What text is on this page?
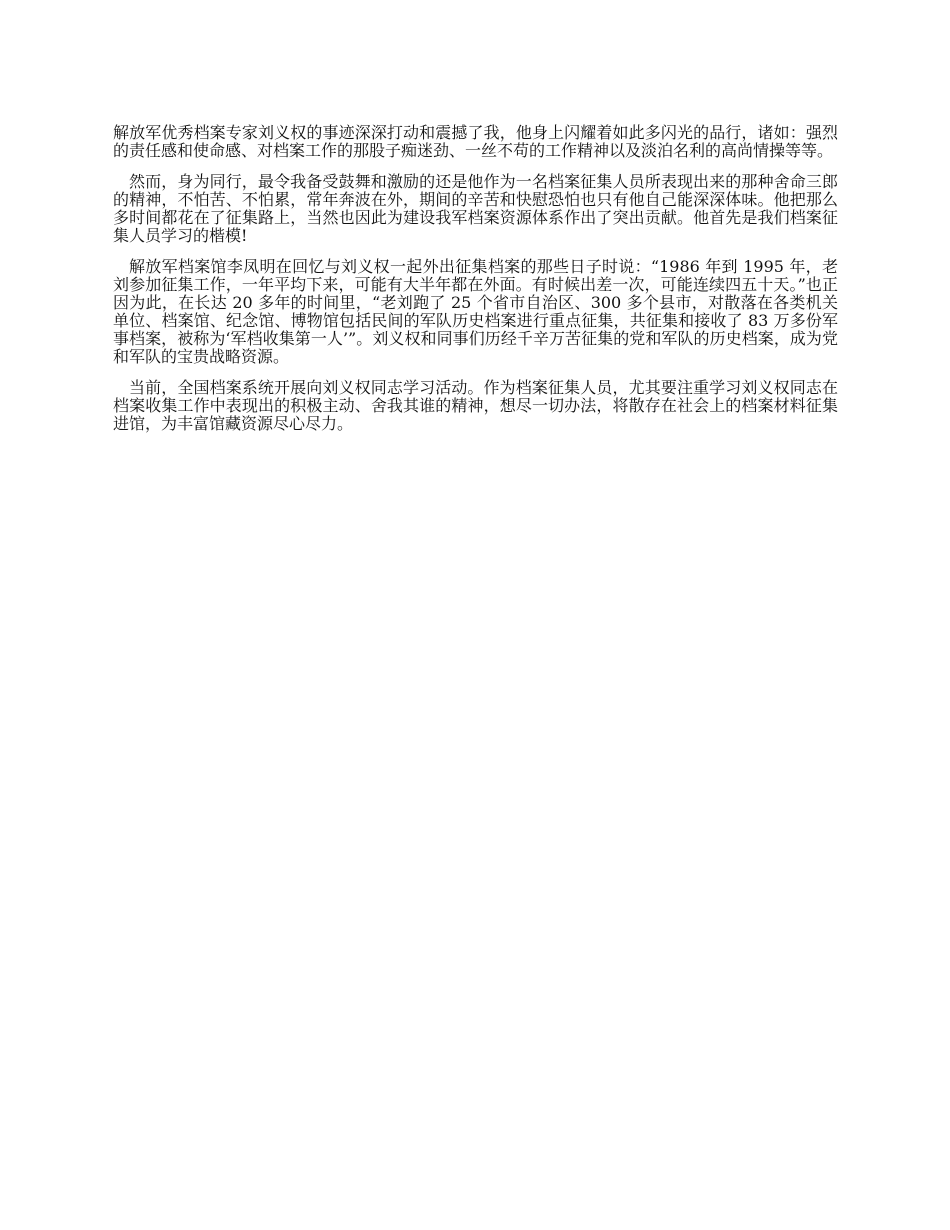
解放军优秀档案专家刘义权的事迹深深打动和震撼了我，他身上闪耀着如此多闪光的品行，诸如：强烈的责任感和使命感、对档案工作的那股子痴迷劲、一丝不苟的工作精神以及淡泊名利的高尚情操等等。

然而，身为同行，最令我备受鼓舞和激励的还是他作为一名档案征集人员所表现出来的那种舍命三郎的精神，不怕苦、不怕累，常年奔波在外，期间的辛苦和快慰恐怕也只有他自己能深深体味。他把那么多时间都花在了征集路上，当然也因此为建设我军档案资源体系作出了突出贡献。他首先是我们档案征集人员学习的楷模!

解放军档案馆李凤明在回忆与刘义权一起外出征集档案的那些日子时说：“1986 年到 1995 年，老刘参加征集工作，一年平均下来，可能有大半年都在外面。有时候出差一次，可能连续四五十天。”也正因为此，在长达 20 多年的时间里，“老刘跑了 25 个省市自治区、300 多个县市，对散落在各类机关单位、档案馆、纪念馆、博物馆包括民间的军队历史档案进行重点征集，共征集和接收了 83 万多份军事档案，被称为‘军档收集第一人’”。刘义权和同事们历经千辛万苦征集的党和军队的历史档案，成为党和军队的宝贵战略资源。

当前，全国档案系统开展向刘义权同志学习活动。作为档案征集人员，尤其要注重学习刘义权同志在档案收集工作中表现出的积极主动、舍我其谁的精神，想尽一切办法，将散存在社会上的档案材料征集进馆，为丰富馆藏资源尽心尽力。
